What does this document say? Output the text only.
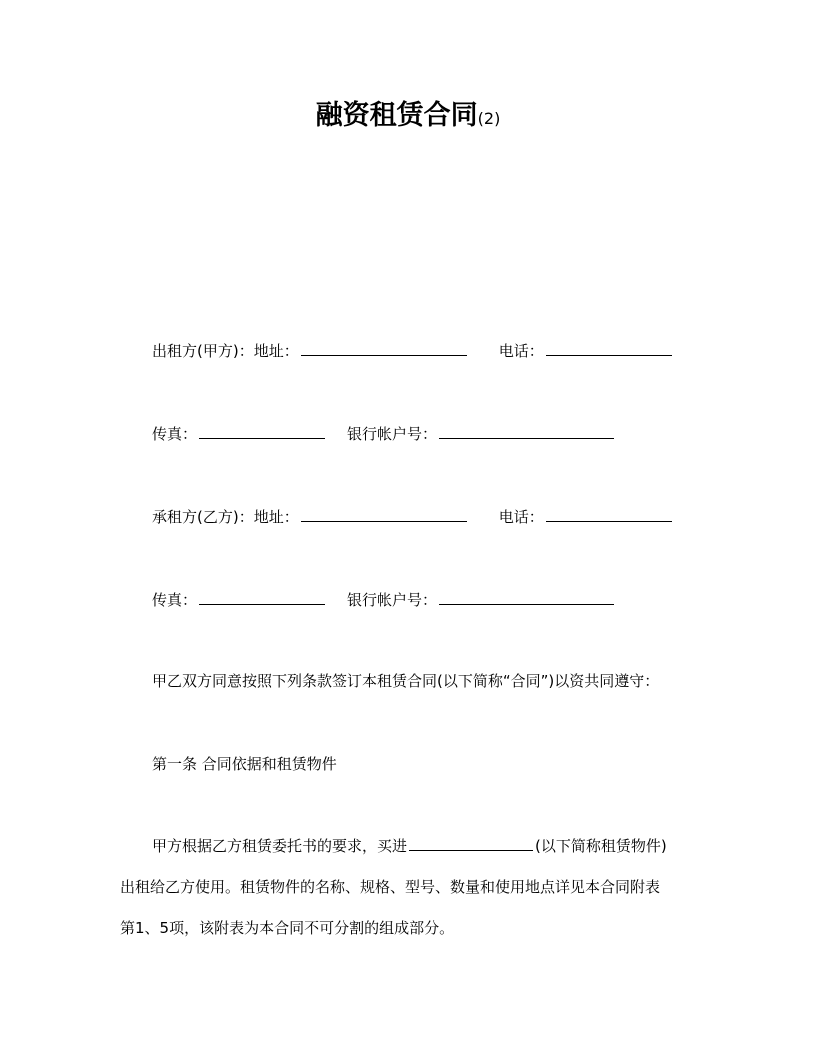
融资租赁合同(2)
出租方(甲方)：地址：	电话：
传真：	银行帐户号：
承租方(乙方)：地址：	电话：
传真：	银行帐户号：
甲乙双方同意按照下列条款签订本租赁合同(以下简称“合同”)以资共同遵守：
第一条 合同依据和租赁物件
甲方根据乙方租赁委托书的要求，买进	(以下简称租赁物件)
出租给乙方使用。租赁物件的名称、规格、型号、数量和使用地点详见本合同附表
第1、5项，该附表为本合同不可分割的组成部分。
